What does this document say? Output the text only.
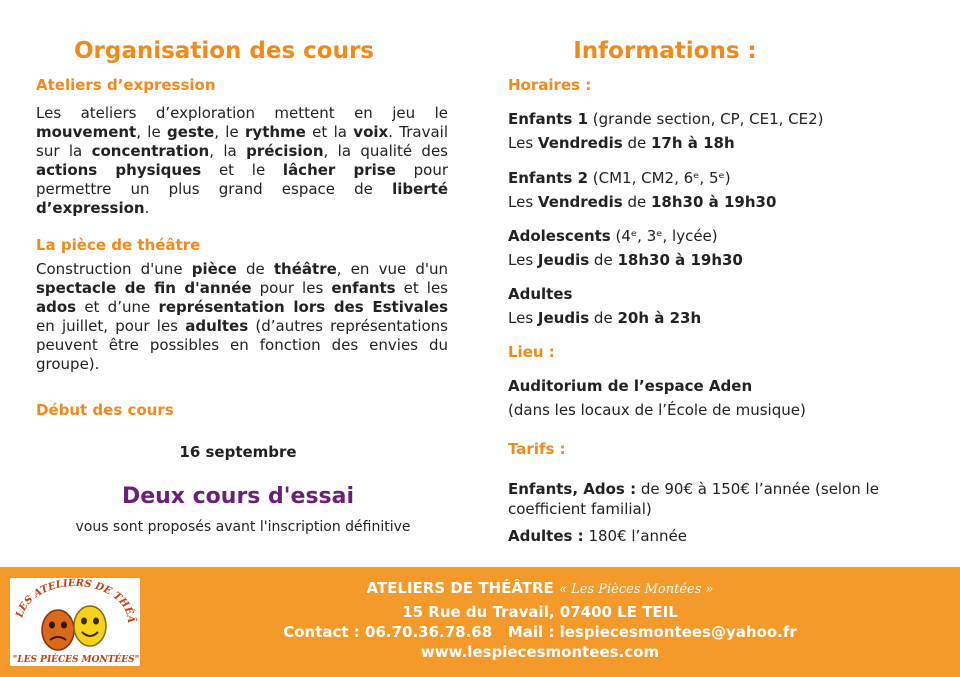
Organisation des cours	Informations :
Ateliers d’expression
Les ateliers d’exploration mettent en jeu le mouvement, le geste, le rythme et la voix. Travail sur la concentration, la précision, la qualité des actions physiques et le lâcher prise pour permettre un plus grand espace de liberté d’expression.
La pièce de théâtre
Construction d'une pièce de théâtre, en vue d'un spectacle de fin d'année pour les enfants et les ados et d’une représentation lors des Estivales en juillet, pour les adultes (d’autres représentations peuvent être possibles en fonction des envies du groupe).
Début des cours
16 septembre
Deux cours d'essai
vous sont proposés avant l'inscription définitive
Horaires :
Enfants 1 (grande section, CP, CE1, CE2)
Les Vendredis de 17h à 18h
Enfants 2 (CM1, CM2, 6ᵉ, 5ᵉ)
Les Vendredis de 18h30 à 19h30
Adolescents (4ᵉ, 3ᵉ, lycée)
Les Jeudis de 18h30 à 19h30
Adultes
Les Jeudis de 20h à 23h
Lieu :
Auditorium de l’espace Aden
(dans les locaux de l’École de musique)
Tarifs :
Enfants, Ados : de 90€ à 150€ l’année (selon le coefficient familial)
Adultes : 180€ l’année
LES ATELIERS DE THÉÂ
"LES PIÈCES MONTÉES"
ATELIERS DE THÉÂTRE « Les Pièces Montées »
15 Rue du Travail, 07400 LE TEIL
Contact : 06.70.36.78.68   Mail : lespiecesmontees@yahoo.fr
www.lespiecesmontees.com
